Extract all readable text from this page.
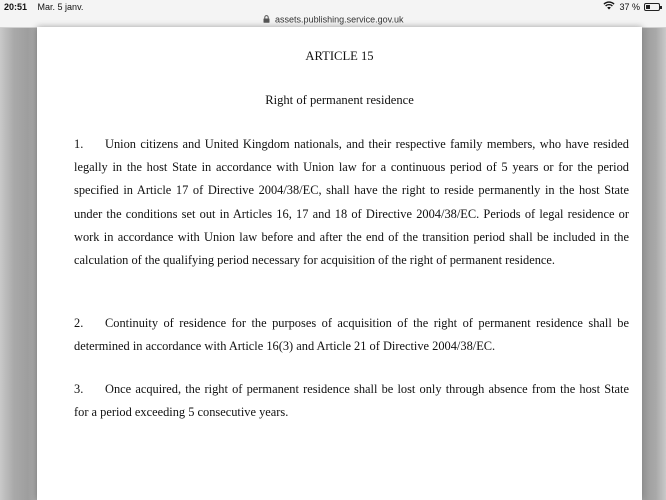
20:51 Mar. 5 janv.	37 %
assets.publishing.service.gov.uk
ARTICLE 15
Right of permanent residence
1. Union citizens and United Kingdom nationals, and their respective family members, who have resided legally in the host State in accordance with Union law for a continuous period of 5 years or for the period specified in Article 17 of Directive 2004/38/EC, shall have the right to reside permanently in the host State under the conditions set out in Articles 16, 17 and 18 of Directive 2004/38/EC. Periods of legal residence or work in accordance with Union law before and after the end of the transition period shall be included in the calculation of the qualifying period necessary for acquisition of the right of permanent residence.
2. Continuity of residence for the purposes of acquisition of the right of permanent residence shall be determined in accordance with Article 16(3) and Article 21 of Directive 2004/38/EC.
3. Once acquired, the right of permanent residence shall be lost only through absence from the host State for a period exceeding 5 consecutive years.
